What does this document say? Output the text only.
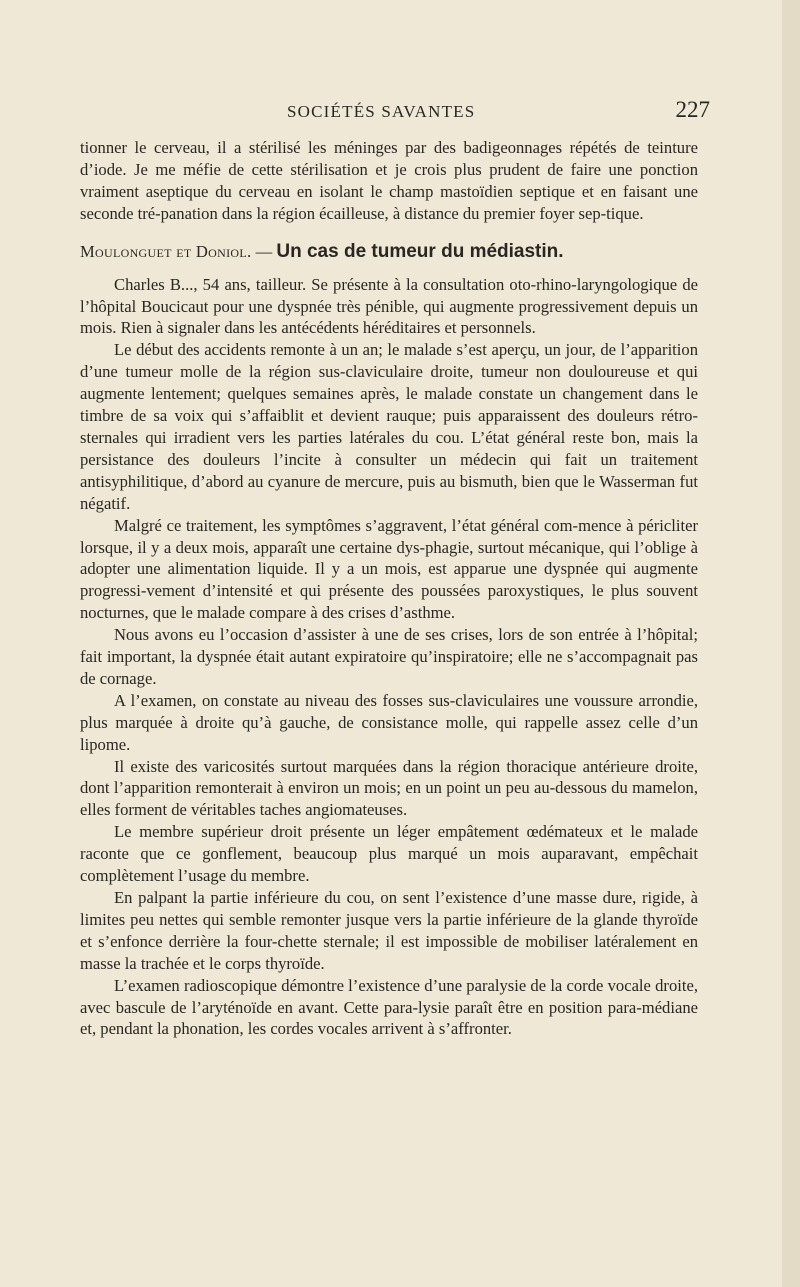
SOCIÉTÉS SAVANTES	227

tionner le cerveau, il a stérilisé les méninges par des badigeonnages répétés de teinture d’iode. Je me méfie de cette stérilisation et je crois plus prudent de faire une ponction vraiment aseptique du cerveau en isolant le champ mastoïdien septique et en faisant une seconde tré-panation dans la région écailleuse, à distance du premier foyer sep-tique.

Moulonguet et Doniol. — Un cas de tumeur du médiastin.

Charles B..., 54 ans, tailleur. Se présente à la consultation oto-rhino-laryngologique de l’hôpital Boucicaut pour une dyspnée très pénible, qui augmente progressivement depuis un mois. Rien à signaler dans les antécédents héréditaires et personnels.

Le début des accidents remonte à un an; le malade s’est aperçu, un jour, de l’apparition d’une tumeur molle de la région sus-claviculaire droite, tumeur non douloureuse et qui augmente lentement; quelques semaines après, le malade constate un changement dans le timbre de sa voix qui s’affaiblit et devient rauque; puis apparaissent des douleurs rétro-sternales qui irradient vers les parties latérales du cou. L’état général reste bon, mais la persistance des douleurs l’incite à consulter un médecin qui fait un traitement antisyphilitique, d’abord au cyanure de mercure, puis au bismuth, bien que le Wasserman fut négatif.

Malgré ce traitement, les symptômes s’aggravent, l’état général com-mence à péricliter lorsque, il y a deux mois, apparaît une certaine dys-phagie, surtout mécanique, qui l’oblige à adopter une alimentation liquide. Il y a un mois, est apparue une dyspnée qui augmente progressi-vement d’intensité et qui présente des poussées paroxystiques, le plus souvent nocturnes, que le malade compare à des crises d’asthme.

Nous avons eu l’occasion d’assister à une de ses crises, lors de son entrée à l’hôpital; fait important, la dyspnée était autant expiratoire qu’inspiratoire; elle ne s’accompagnait pas de cornage.

A l’examen, on constate au niveau des fosses sus-claviculaires une voussure arrondie, plus marquée à droite qu’à gauche, de consistance molle, qui rappelle assez celle d’un lipome.

Il existe des varicosités surtout marquées dans la région thoracique antérieure droite, dont l’apparition remonterait à environ un mois; en un point un peu au-dessous du mamelon, elles forment de véritables taches angiomateuses.

Le membre supérieur droit présente un léger empâtement œdémateux et le malade raconte que ce gonflement, beaucoup plus marqué un mois auparavant, empêchait complètement l’usage du membre.

En palpant la partie inférieure du cou, on sent l’existence d’une masse dure, rigide, à limites peu nettes qui semble remonter jusque vers la partie inférieure de la glande thyroïde et s’enfonce derrière la four-chette sternale; il est impossible de mobiliser latéralement en masse la trachée et le corps thyroïde.

L’examen radioscopique démontre l’existence d’une paralysie de la corde vocale droite, avec bascule de l’aryténoïde en avant. Cette para-lysie paraît être en position para-médiane et, pendant la phonation, les cordes vocales arrivent à s’affronter.
